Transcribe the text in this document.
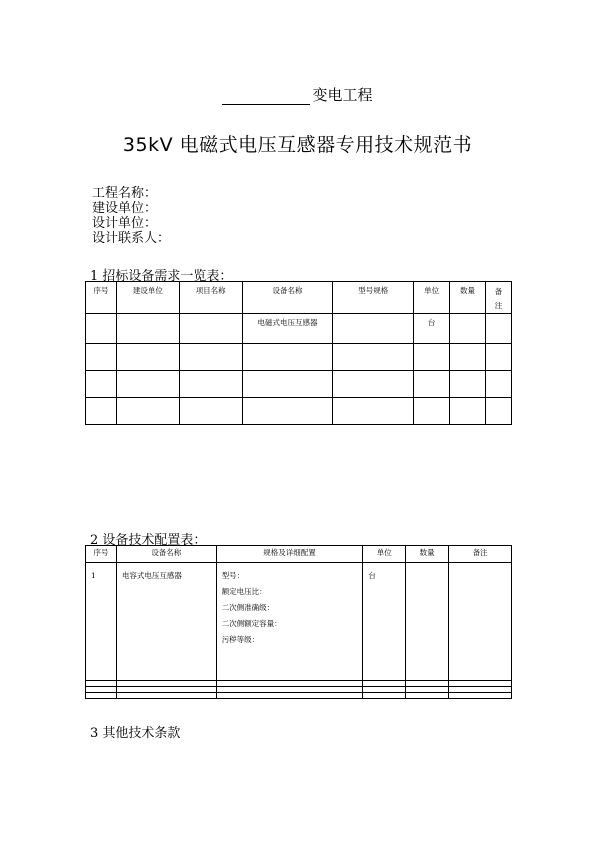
变电工程
35kV 电磁式电压互感器专用技术规范书
工程名称：
建设单位：
设计单位：
设计联系人：
1 招标设备需求一览表：
序号	建设单位	项目名称	设备名称	型号规格	单位	数量	备
注

			电磁式电压互感器		台		

2 设备技术配置表：
序号	设备名称	规格及详细配置	单位	数量	备注
1	电容式电压互感器	型号：
额定电压比：
二次侧准确级：
二次侧额定容量：
污秽等级：	台		

3 其他技术条款
